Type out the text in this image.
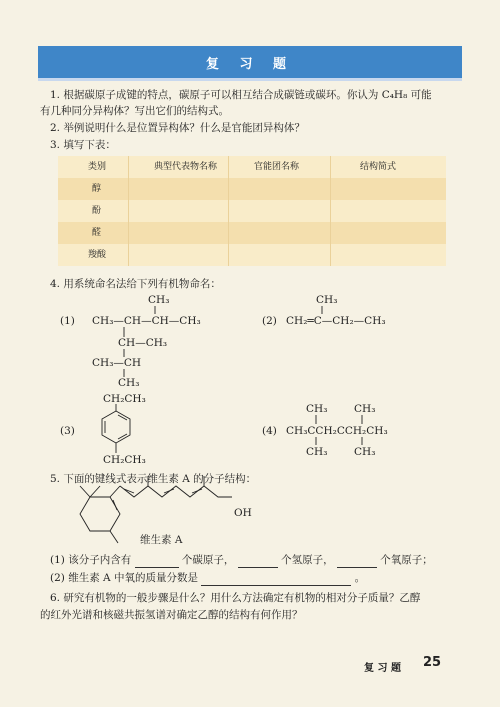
复 习 题
1. 根据碳原子成键的特点，碳原子可以相互结合成碳链或碳环。你认为 C₄H₈ 可能
有几种同分异构体？写出它们的结构式。
2. 举例说明什么是位置异构体？什么是官能团异构体？
3. 填写下表：
类别	典型代表物名称	官能团名称	结构简式
醇
酚
醛
羧酸
4. 用系统命名法给下列有机物命名：
(1)
CH₃
CH₃—CH—CH—CH₃
CH—CH₃
CH₃—CH
CH₃
(2)
CH₃
CH₂═C—CH₂—CH₃
(3)
CH₂CH₃
CH₂CH₃
(4)
CH₃	CH₃
CH₃CCH₂CCH₂CH₃
CH₃	CH₃
OH
维生素 A
5. 下面的键线式表示维生素 A 的分子结构：
(1) 该分子内含有	个碳原子，	个氢原子，	个氧原子；
(2) 维生素 A 中氧的质量分数是	。
6. 研究有机物的一般步骤是什么？用什么方法确定有机物的相对分子质量？乙醇
的红外光谱和核磁共振氢谱对确定乙醇的结构有何作用？
复 习 题 25
